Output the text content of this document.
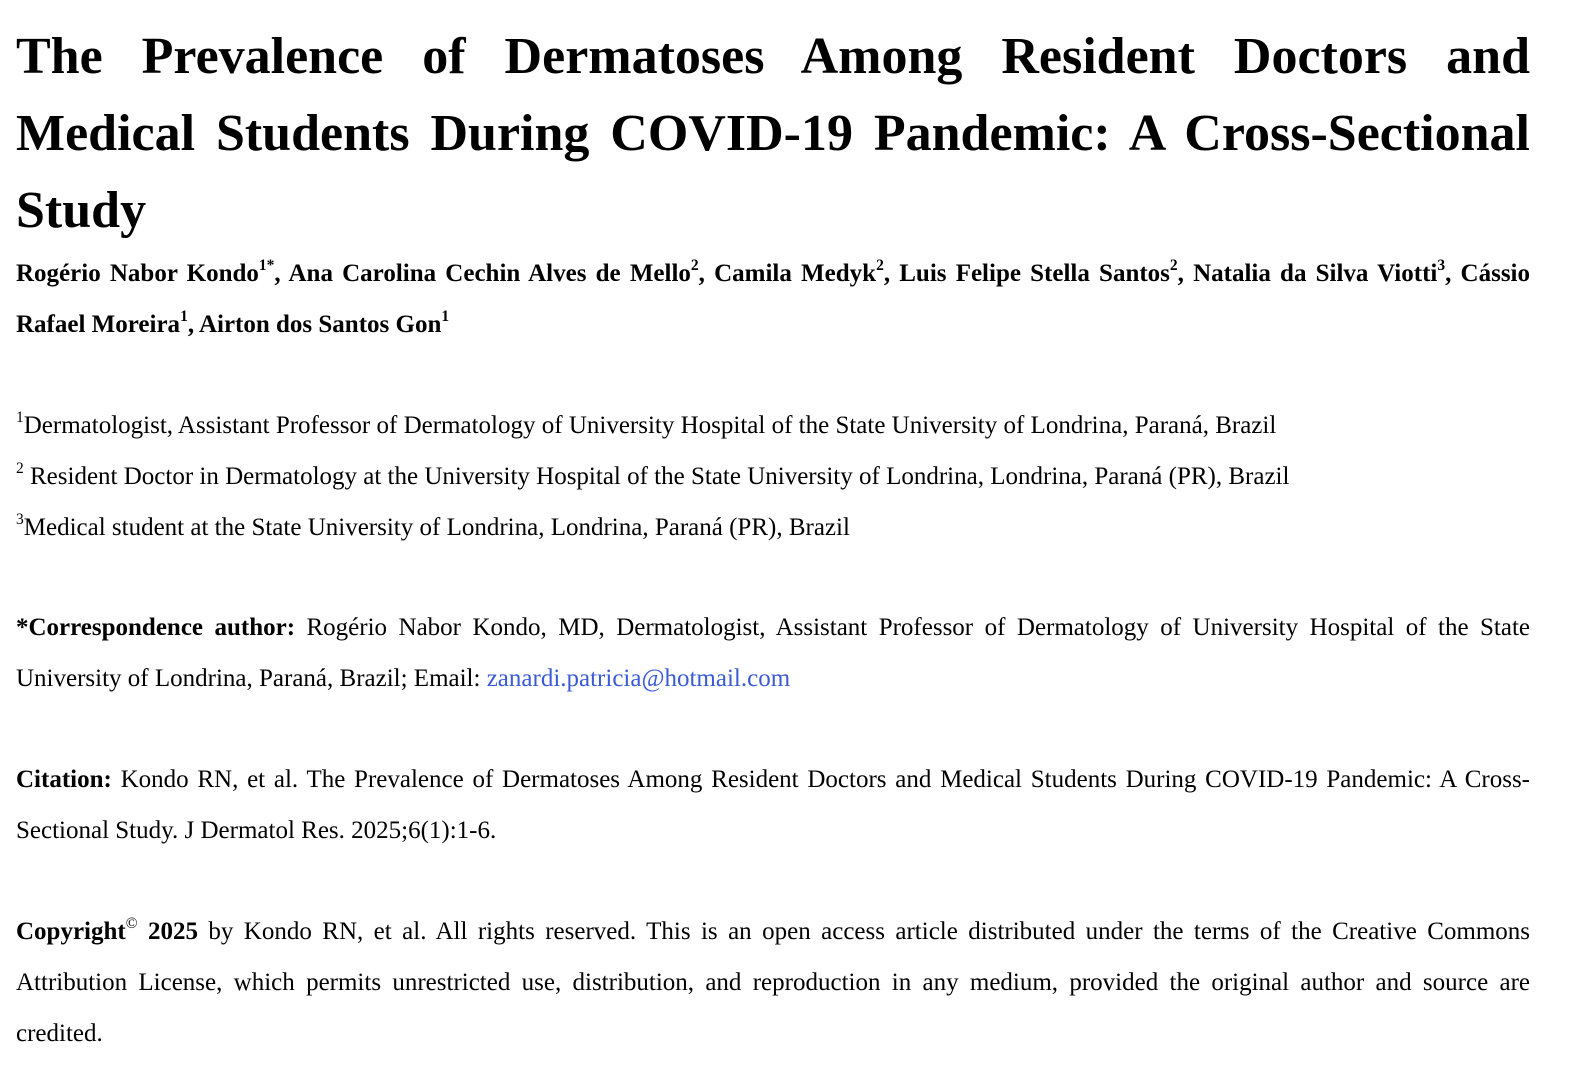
The Prevalence of Dermatoses Among Resident Doctors and Medical Students During COVID-19 Pandemic: A Cross-Sectional Study

Rogério Nabor Kondo$^{1*}$, Ana Carolina Cechin Alves de Mello$^2$, Camila Medyk$^2$, Luis Felipe Stella Santos$^2$, Natalia da Silva Viotti$^3$, Cássio Rafael Moreira$^1$, Airton dos Santos Gon$^1$

$^1$Dermatologist, Assistant Professor of Dermatology of University Hospital of the State University of Londrina, Paraná, Brazil

$^2$ Resident Doctor in Dermatology at the University Hospital of the State University of Londrina, Londrina, Paraná (PR), Brazil

$^3$Medical student at the State University of Londrina, Londrina, Paraná (PR), Brazil

*Correspondence author: Rogério Nabor Kondo, MD, Dermatologist, Assistant Professor of Dermatology of University Hospital of the State University of Londrina, Paraná, Brazil; Email: zanardi.patricia@hotmail.com

Citation: Kondo RN, et al. The Prevalence of Dermatoses Among Resident Doctors and Medical Students During COVID-19 Pandemic: A Cross-Sectional Study. J Dermatol Res. 2025;6(1):1-6.

Copyright© 2025 by Kondo RN, et al. All rights reserved. This is an open access article distributed under the terms of the Creative Commons Attribution License, which permits unrestricted use, distribution, and reproduction in any medium, provided the original author and source are credited.
